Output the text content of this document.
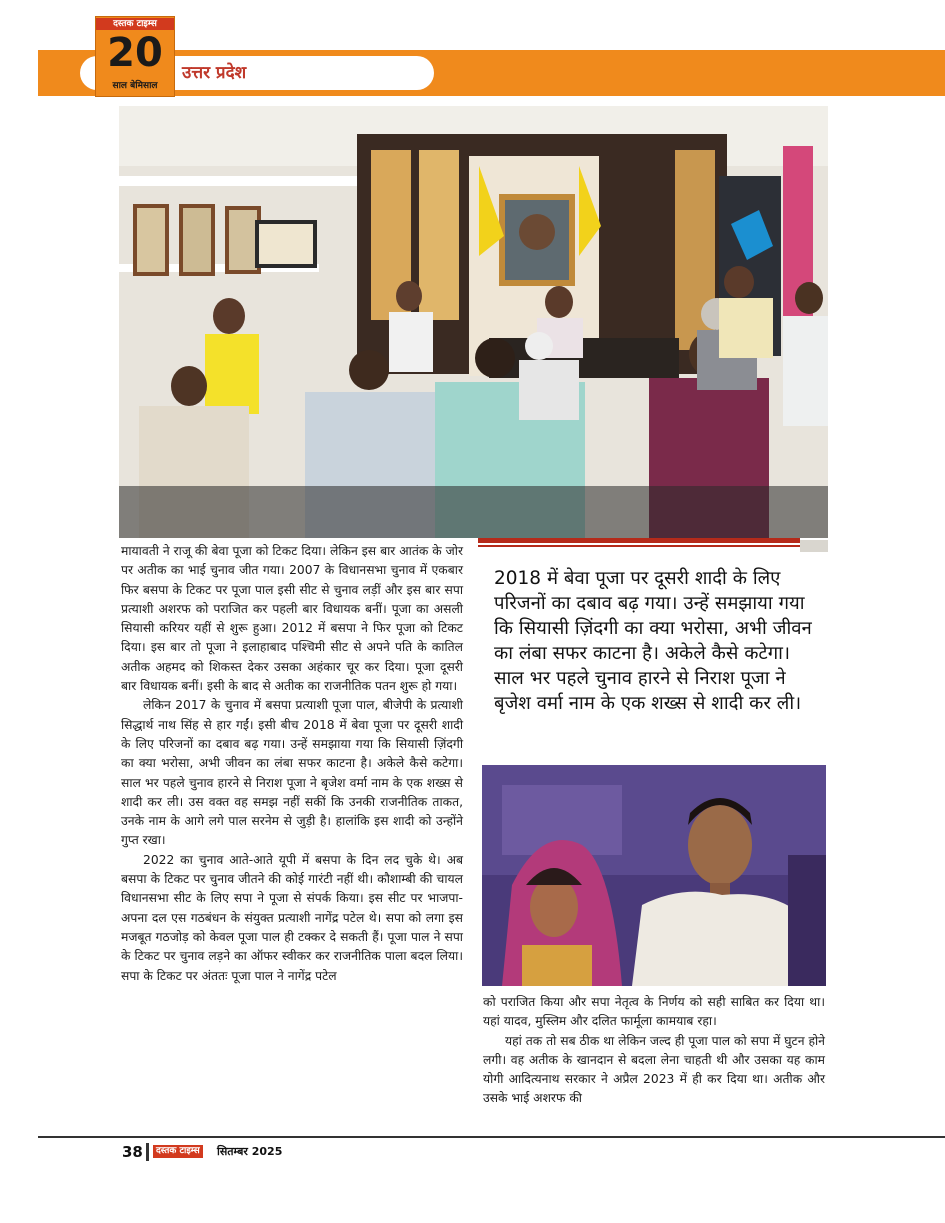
उत्तर प्रदेश
दस्तक टाइम्स
20
साल बेमिसाल

मायावती ने राजू की बेवा पूजा को टिकट दिया। लेकिन इस बार आतंक के जोर पर अतीक का भाई चुनाव जीत गया। 2007 के विधानसभा चुनाव में एकबार फिर बसपा के टिकट पर पूजा पाल इसी सीट से चुनाव लड़ीं और इस बार सपा प्रत्याशी अशरफ को पराजित कर पहली बार विधायक बनीं। पूजा का असली सियासी करियर यहीं से शुरू हुआ। 2012 में बसपा ने फिर पूजा को टिकट दिया। इस बार तो पूजा ने इलाहाबाद पश्चिमी सीट से अपने पति के कातिल अतीक अहमद को शिकस्त देकर उसका अहंकार चूर कर दिया। पूजा दूसरी बार विधायक बनीं। इसी के बाद से अतीक का राजनीतिक पतन शुरू हो गया।

लेकिन 2017 के चुनाव में बसपा प्रत्याशी पूजा पाल, बीजेपी के प्रत्याशी सिद्धार्थ नाथ सिंह से हार गईं। इसी बीच 2018 में बेवा पूजा पर दूसरी शादी के लिए परिजनों का दबाव बढ़ गया। उन्हें समझाया गया कि सियासी ज़िंदगी का क्या भरोसा, अभी जीवन का लंबा सफर काटना है। अकेले कैसे कटेगा। साल भर पहले चुनाव हारने से निराश पूजा ने बृजेश वर्मा नाम के एक शख्स से शादी कर ली। उस वक्त वह समझ नहीं सकीं कि उनकी राजनीतिक ताकत, उनके नाम के आगे लगे पाल सरनेम से जुड़ी है। हालांकि इस शादी को उन्होंने गुप्त रखा।

2022 का चुनाव आते-आते यूपी में बसपा के दिन लद चुके थे। अब बसपा के टिकट पर चुनाव जीतने की कोई गारंटी नहीं थी। कौशाम्बी की चायल विधानसभा सीट के लिए सपा ने पूजा से संपर्क किया। इस सीट पर भाजपा-अपना दल एस गठबंधन के संयुक्त प्रत्याशी नागेंद्र पटेल थे। सपा को लगा इस मजबूत गठजोड़ को केवल पूजा पाल ही टक्कर दे सकती हैं। पूजा पाल ने सपा के टिकट पर चुनाव लड़ने का ऑफर स्वीकर कर राजनीतिक पाला बदल लिया। सपा के टिकट पर अंततः पूजा पाल ने नागेंद्र पटेल

2018 में बेवा पूजा पर दूसरी शादी के लिए परिजनों का दबाव बढ़ गया। उन्हें समझाया गया कि सियासी ज़िंदगी का क्या भरोसा, अभी जीवन का लंबा सफर काटना है। अकेले कैसे कटेगा। साल भर पहले चुनाव हारने से निराश पूजा ने बृजेश वर्मा नाम के एक शख्स से शादी कर ली।

को पराजित किया और सपा नेतृत्व के निर्णय को सही साबित कर दिया था। यहां यादव, मुस्लिम और दलित फार्मूला कामयाब रहा।

यहां तक तो सब ठीक था लेकिन जल्द ही पूजा पाल को सपा में घुटन होने लगी। वह अतीक के खानदान से बदला लेना चाहती थी और उसका यह काम योगी आदित्यनाथ सरकार ने अप्रैल 2023 में ही कर दिया था। अतीक और उसके भाई अशरफ की

38	दस्तक टाइम्स सितम्बर 2025
